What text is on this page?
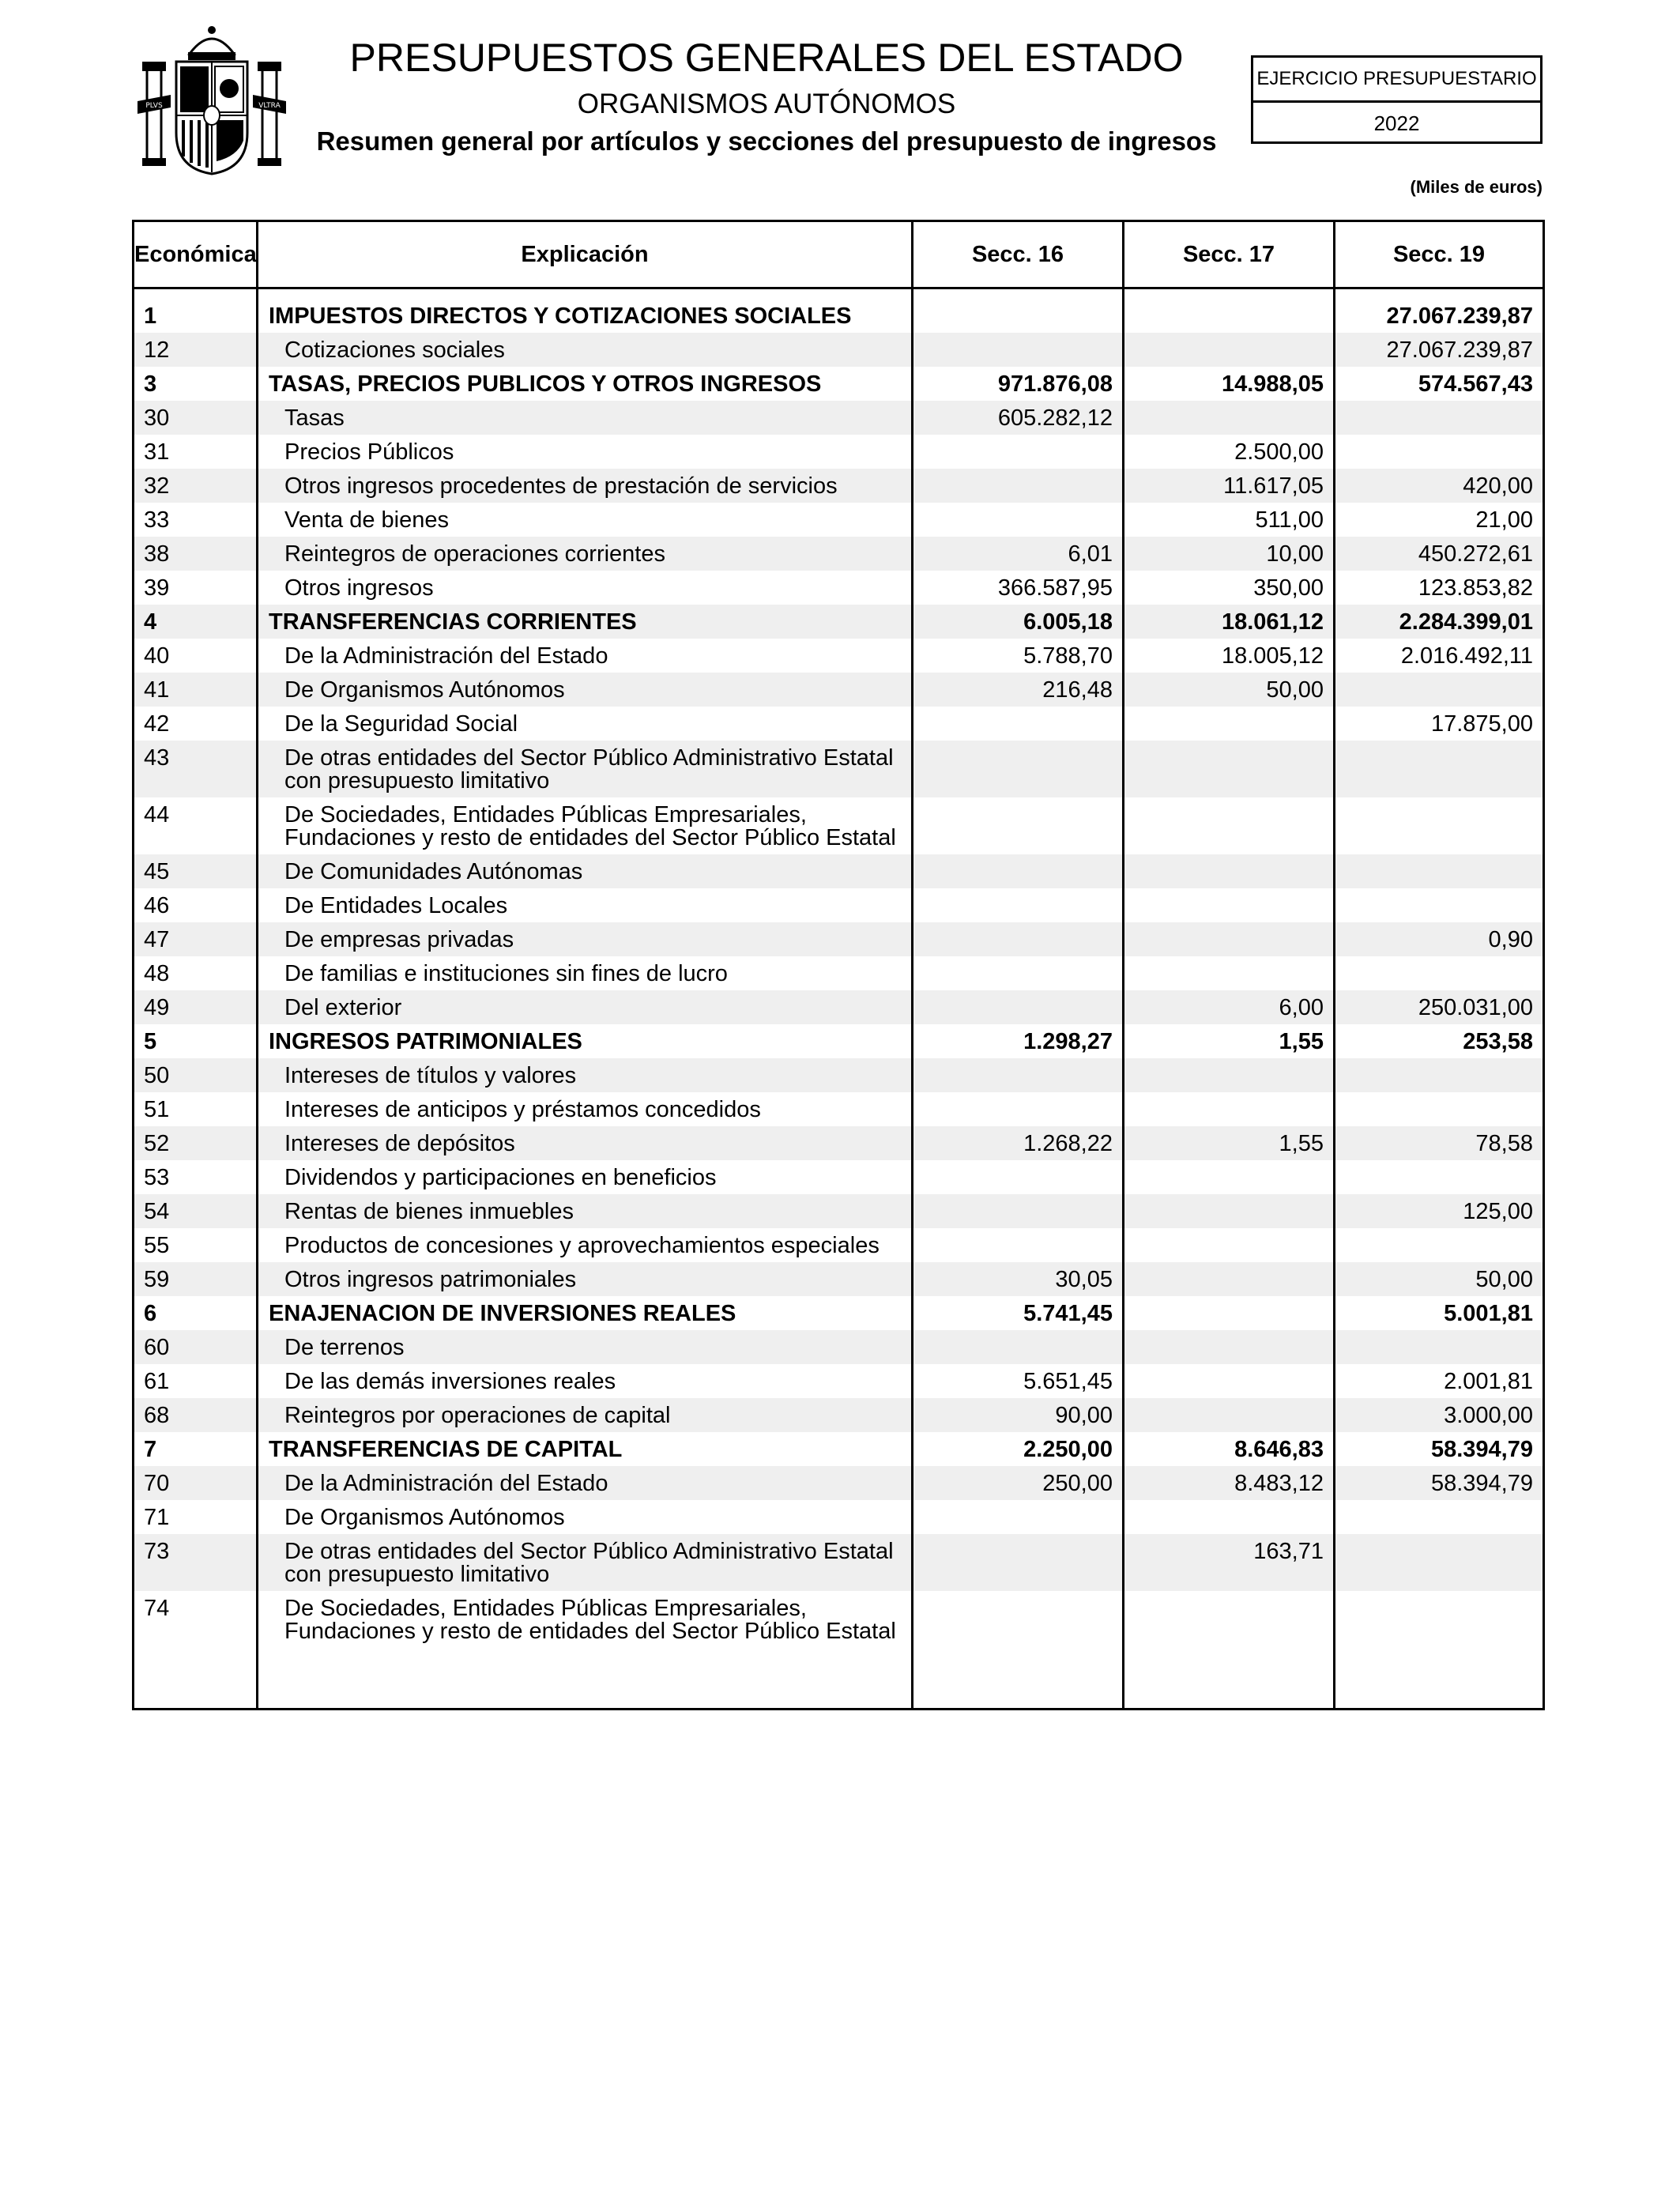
PLVS	VLTRA
PRESUPUESTOS GENERALES DEL ESTADO
ORGANISMOS AUTÓNOMOS
Resumen general por artículos y secciones del presupuesto de ingresos
EJERCICIO PRESUPUESTARIO
2022
(Miles de euros)
Económica	Explicación	Secc. 16	Secc. 17	Secc. 19
1	IMPUESTOS DIRECTOS Y COTIZACIONES SOCIALES			27.067.239,87
12	Cotizaciones sociales			27.067.239,87
3	TASAS, PRECIOS PUBLICOS Y OTROS INGRESOS	971.876,08	14.988,05	574.567,43
30	Tasas	605.282,12		
31	Precios Públicos		2.500,00	
32	Otros ingresos procedentes de prestación de servicios		11.617,05	420,00
33	Venta de bienes		511,00	21,00
38	Reintegros de operaciones corrientes	6,01	10,00	450.272,61
39	Otros ingresos	366.587,95	350,00	123.853,82
4	TRANSFERENCIAS CORRIENTES	6.005,18	18.061,12	2.284.399,01
40	De la Administración del Estado	5.788,70	18.005,12	2.016.492,11
41	De Organismos Autónomos	216,48	50,00	
42	De la Seguridad Social			17.875,00
43	De otras entidades del Sector Público Administrativo Estatal con presupuesto limitativo			
44	De Sociedades, Entidades Públicas Empresariales, Fundaciones y resto de entidades del Sector Público Estatal			
45	De Comunidades Autónomas			
46	De Entidades Locales			
47	De empresas privadas			0,90
48	De familias e instituciones sin fines de lucro			
49	Del exterior		6,00	250.031,00
5	INGRESOS PATRIMONIALES	1.298,27	1,55	253,58
50	Intereses de títulos y valores			
51	Intereses de anticipos y préstamos concedidos			
52	Intereses de depósitos	1.268,22	1,55	78,58
53	Dividendos y participaciones en beneficios			
54	Rentas de bienes inmuebles			125,00
55	Productos de concesiones y aprovechamientos especiales			
59	Otros ingresos patrimoniales	30,05		50,00
6	ENAJENACION DE INVERSIONES REALES	5.741,45		5.001,81
60	De terrenos			
61	De las demás inversiones reales	5.651,45		2.001,81
68	Reintegros por operaciones de capital	90,00		3.000,00
7	TRANSFERENCIAS DE CAPITAL	2.250,00	8.646,83	58.394,79
70	De la Administración del Estado	250,00	8.483,12	58.394,79
71	De Organismos Autónomos			
73	De otras entidades del Sector Público Administrativo Estatal con presupuesto limitativo		163,71	
74	De Sociedades, Entidades Públicas Empresariales, Fundaciones y resto de entidades del Sector Público Estatal			
